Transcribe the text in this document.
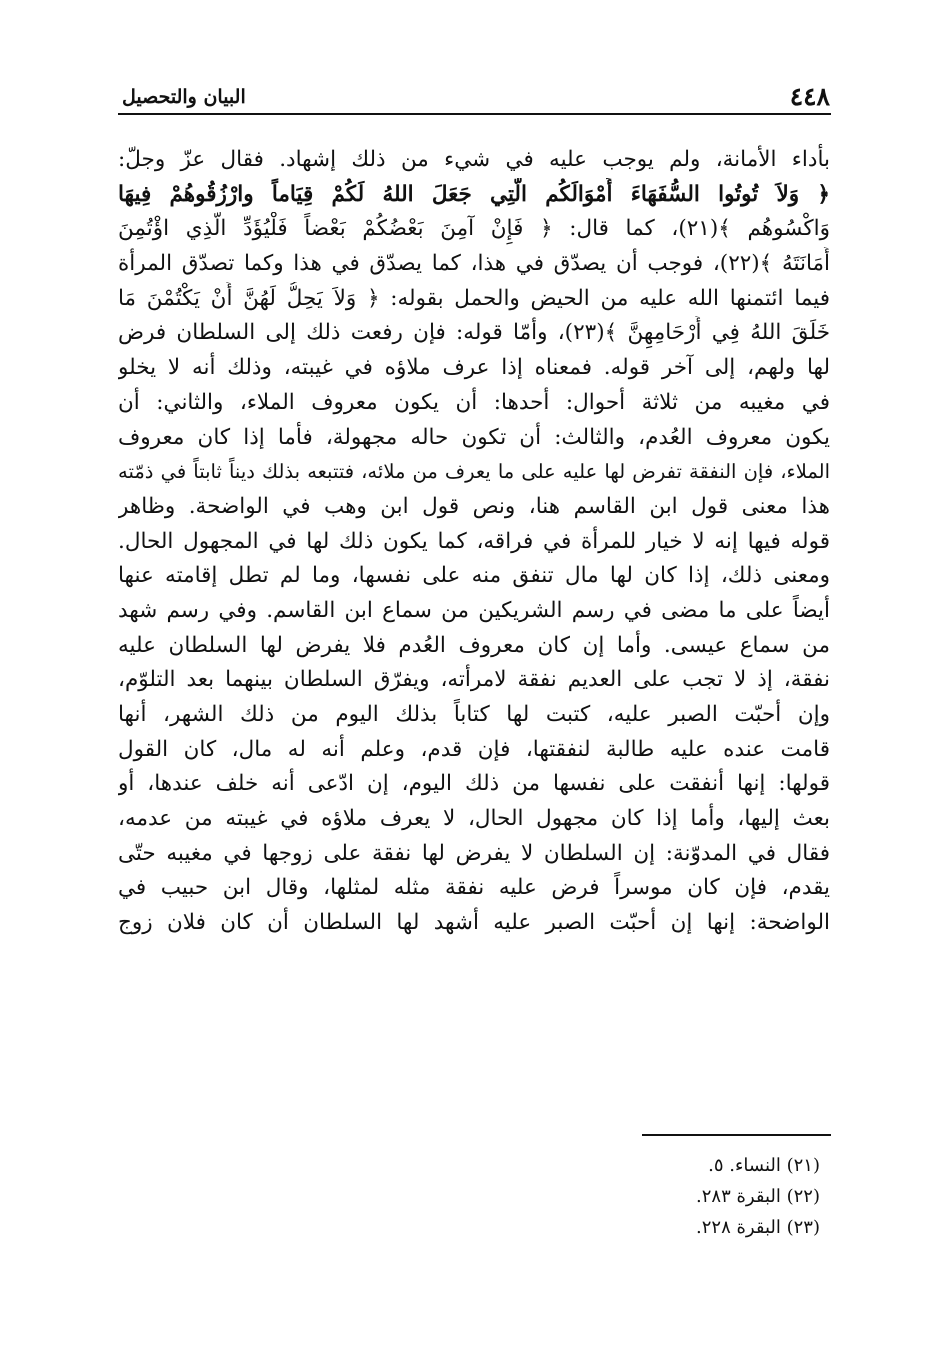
٤٤٨
البيان والتحصيل
بأداء الأمانة، ولم يوجب عليه في شيء من ذلك إشهاد. فقال عزّ وجلّ:
﴿ وَلاَ تُوتُوا السُّفَهَاءَ أَمْوَالَكُم الَّتِي جَعَلَ اللهُ لَكُمْ قِيَاماً وارْزُقُوهُمْ فِيهَا
وَاكْسُوهُم ﴾(٢١)، كما قال: ﴿ فَإِنْ آمِنَ بَعْضُكُمْ بَعْضاً فَلْيُؤَدِّ الَّذِي اؤْتُمِنَ
أَمَانَتَهُ ﴾(٢٢)، فوجب أن يصدّق في هذا، كما يصدّق في هذا وكما تصدّق المرأة
فيما ائتمنها الله عليه من الحيض والحمل بقوله: ﴿ وَلاَ يَحِلُّ لَهُنَّ أَنْ يَكْتُمْنَ مَا
خَلَقَ اللهُ فِي أَرْحَامِهِنَّ ﴾(٢٣)، وأمّا قوله: فإن رفعت ذلك إلى السلطان فرض
لها ولهم، إلى آخر قوله. فمعناه إذا عرف ملاؤه في غيبته، وذلك أنه لا يخلو
في مغيبه من ثلاثة أحوال: أحدها: أن يكون معروف الملاء، والثاني: أن
يكون معروف العُدم، والثالث: أن تكون حاله مجهولة، فأما إذا كان معروف
الملاء، فإن النفقة تفرض لها عليه على ما يعرف من ملائه، فتتبعه بذلك ديناً ثابتاً في ذمّته
هذا معنى قول ابن القاسم هنا، ونص قول ابن وهب في الواضحة. وظاهر
قوله فيها إنه لا خيار للمرأة في فراقه، كما يكون ذلك لها في المجهول الحال.
ومعنى ذلك، إذا كان لها مال تنفق منه على نفسها، وما لم تطل إقامته عنها
أيضاً على ما مضى في رسم الشريكين من سماع ابن القاسم. وفي رسم شهد
من سماع عيسى. وأما إن كان معروف العُدم فلا يفرض لها السلطان عليه
نفقة، إذ لا تجب على العديم نفقة لامرأته، ويفرّق السلطان بينهما بعد التلوّم،
وإن أحبّت الصبر عليه، كتبت لها كتاباً بذلك اليوم من ذلك الشهر، أنها
قامت عنده عليه طالبة لنفقتها، فإن قدم، وعلم أنه له مال، كان القول
قولها: إنها أنفقت على نفسها من ذلك اليوم، إن ادّعى أنه خلف عندها، أو
بعث إليها، وأما إذا كان مجهول الحال، لا يعرف ملاؤه في غيبته من عدمه،
فقال في المدوّنة: إن السلطان لا يفرض لها نفقة على زوجها في مغيبه حتّى
يقدم، فإن كان موسراً فرض عليه نفقة مثله لمثلها، وقال ابن حبيب في
الواضحة: إنها إن أحبّت الصبر عليه أشهد لها السلطان أن كان فلان زوج
(٢١) النساء. ٥.
(٢٢) البقرة ٢٨٣.
(٢٣) البقرة ٢٢٨.
